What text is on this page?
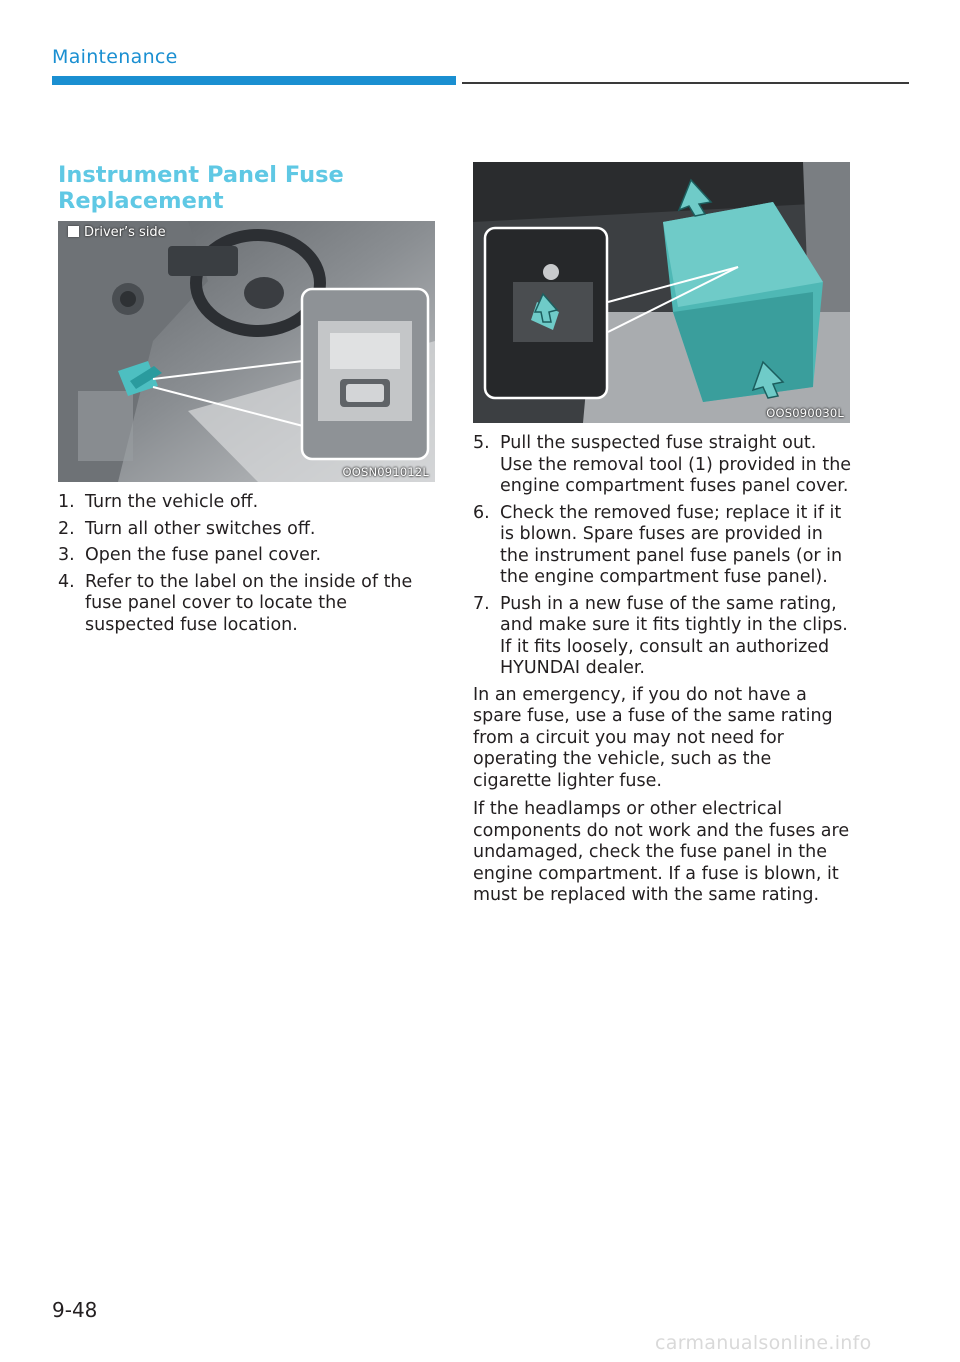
Maintenance
Instrument Panel Fuse Replacement
Driver’s side
OOSN091012L
OOS090030L
1. Turn the vehicle off.
2. Turn all other switches off.
3. Open the fuse panel cover.
4. Refer to the label on the inside of the fuse panel cover to locate the suspected fuse location.
5. Pull the suspected fuse straight out. Use the removal tool (1) provided in the engine compartment fuses panel cover.
6. Check the removed fuse; replace it if it is blown. Spare fuses are provided in the instrument panel fuse panels (or in the engine compartment fuse panel).
7. Push in a new fuse of the same rating, and make sure it fits tightly in the clips. If it fits loosely, consult an authorized HYUNDAI dealer.

In an emergency, if you do not have a spare fuse, use a fuse of the same rating from a circuit you may not need for operating the vehicle, such as the cigarette lighter fuse.

If the headlamps or other electrical components do not work and the fuses are undamaged, check the fuse panel in the engine compartment. If a fuse is blown, it must be replaced with the same rating.

9-48
carmanualsonline.info
